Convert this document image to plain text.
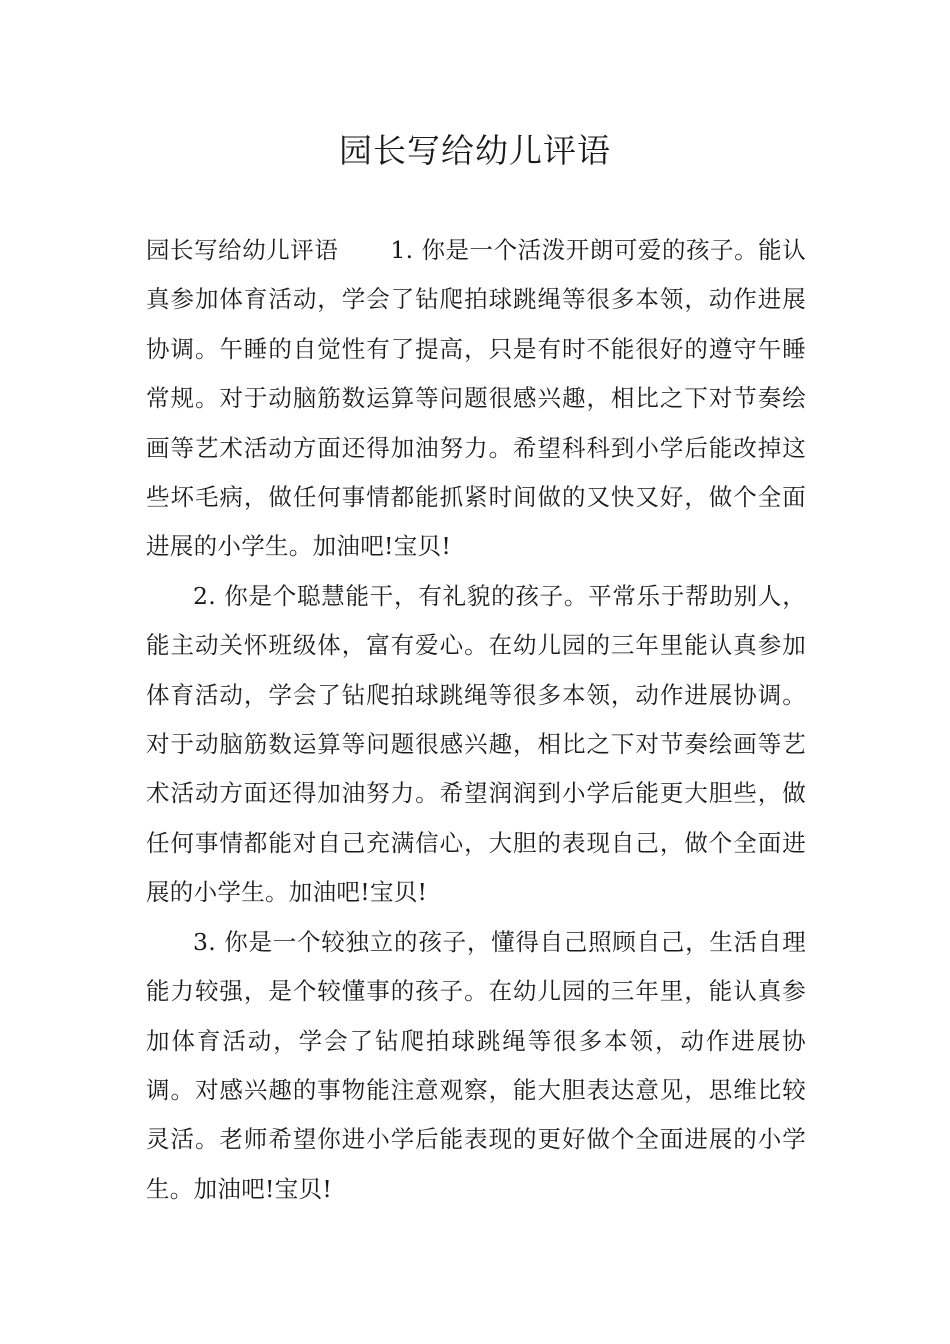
园长写给幼儿评语

园长写给幼儿评语 1. 你是一个活泼开朗可爱的孩子。能认真参加体育活动，学会了钻爬拍球跳绳等很多本领，动作进展协调。午睡的自觉性有了提高，只是有时不能很好的遵守午睡常规。对于动脑筋数运算等问题很感兴趣，相比之下对节奏绘画等艺术活动方面还得加油努力。希望科科到小学后能改掉这些坏毛病，做任何事情都能抓紧时间做的又快又好，做个全面进展的小学生。加油吧!宝贝!

2. 你是个聪慧能干，有礼貌的孩子。平常乐于帮助别人，能主动关怀班级体，富有爱心。在幼儿园的三年里能认真参加体育活动，学会了钻爬拍球跳绳等很多本领，动作进展协调。对于动脑筋数运算等问题很感兴趣，相比之下对节奏绘画等艺术活动方面还得加油努力。希望润润到小学后能更大胆些，做任何事情都能对自己充满信心，大胆的表现自己，做个全面进展的小学生。加油吧!宝贝!

3. 你是一个较独立的孩子，懂得自己照顾自己，生活自理能力较强，是个较懂事的孩子。在幼儿园的三年里，能认真参加体育活动，学会了钻爬拍球跳绳等很多本领，动作进展协调。对感兴趣的事物能注意观察，能大胆表达意见，思维比较灵活。老师希望你进小学后能表现的更好做个全面进展的小学生。加油吧!宝贝!
